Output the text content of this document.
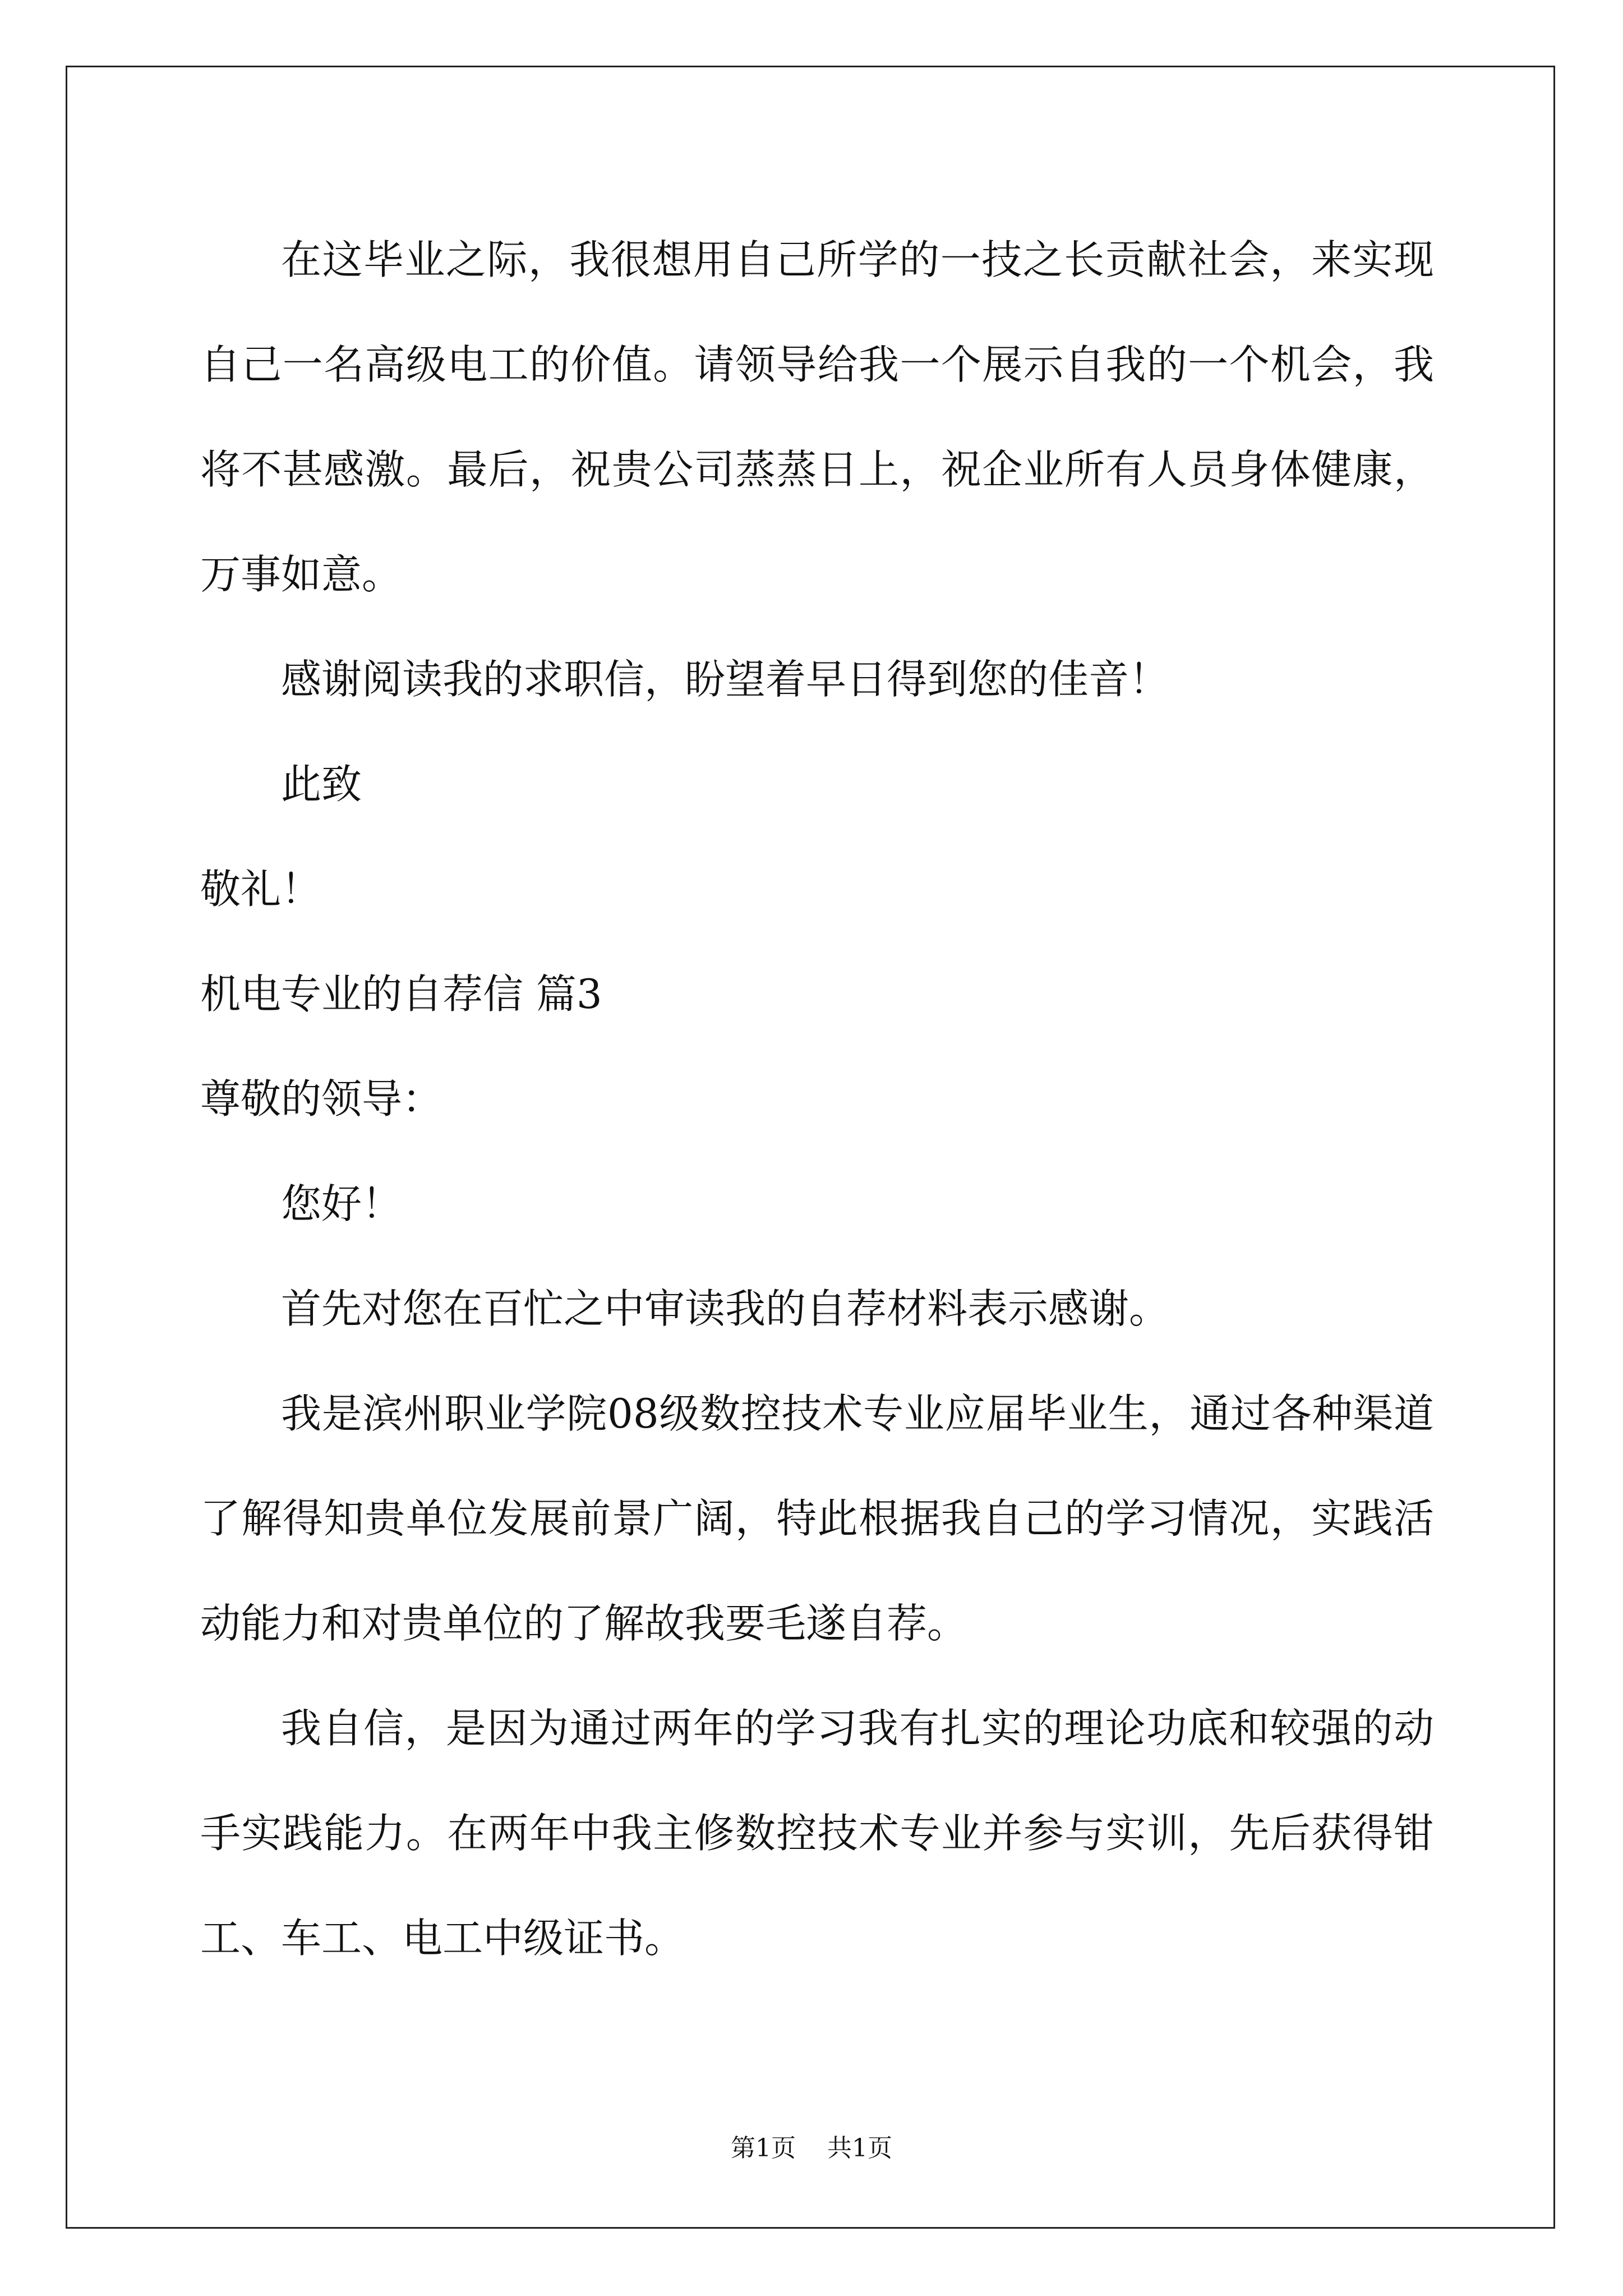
在这毕业之际，我很想用自己所学的一技之长贡献社会，来实现自己一名高级电工的价值。请领导给我一个展示自我的一个机会，我将不甚感激。最后，祝贵公司蒸蒸日上，祝企业所有人员身体健康，万事如意。

感谢阅读我的求职信，盼望着早日得到您的佳音！

此致

敬礼！

机电专业的自荐信 篇3

尊敬的领导：

您好！

首先对您在百忙之中审读我的自荐材料表示感谢。

我是滨州职业学院08级数控技术专业应届毕业生，通过各种渠道了解得知贵单位发展前景广阔，特此根据我自己的学习情况，实践活动能力和对贵单位的了解故我要毛遂自荐。

我自信，是因为通过两年的学习我有扎实的理论功底和较强的动手实践能力。在两年中我主修数控技术专业并参与实训，先后获得钳工、车工、电工中级证书。

第1页 共1页
